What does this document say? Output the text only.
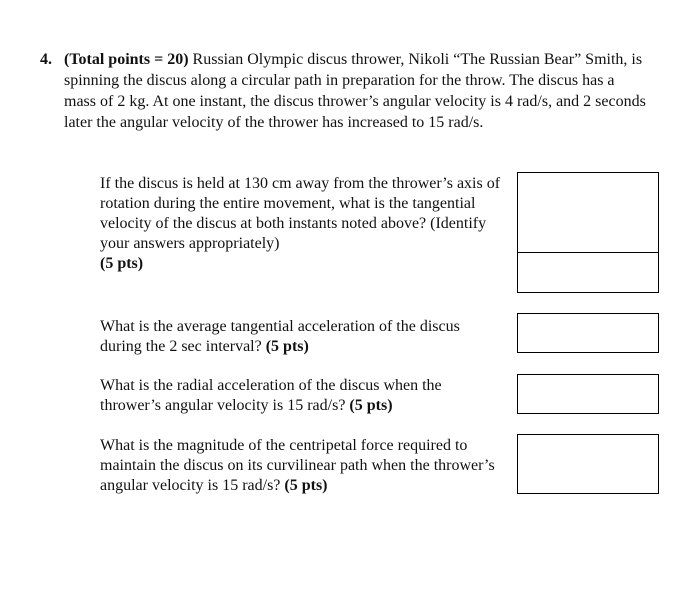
4. (Total points = 20) Russian Olympic discus thrower, Nikoli “The Russian Bear” Smith, is spinning the discus along a circular path in preparation for the throw. The discus has a mass of 2 kg. At one instant, the discus thrower’s angular velocity is 4 rad/s, and 2 seconds later the angular velocity of the thrower has increased to 15 rad/s.
If the discus is held at 130 cm away from the thrower’s axis of rotation during the entire movement, what is the tangential velocity of the discus at both instants noted above? (Identify your answers appropriately)
(5 pts)
What is the average tangential acceleration of the discus during the 2 sec interval? (5 pts)
What is the radial acceleration of the discus when the thrower’s angular velocity is 15 rad/s? (5 pts)
What is the magnitude of the centripetal force required to maintain the discus on its curvilinear path when the thrower’s angular velocity is 15 rad/s? (5 pts)
